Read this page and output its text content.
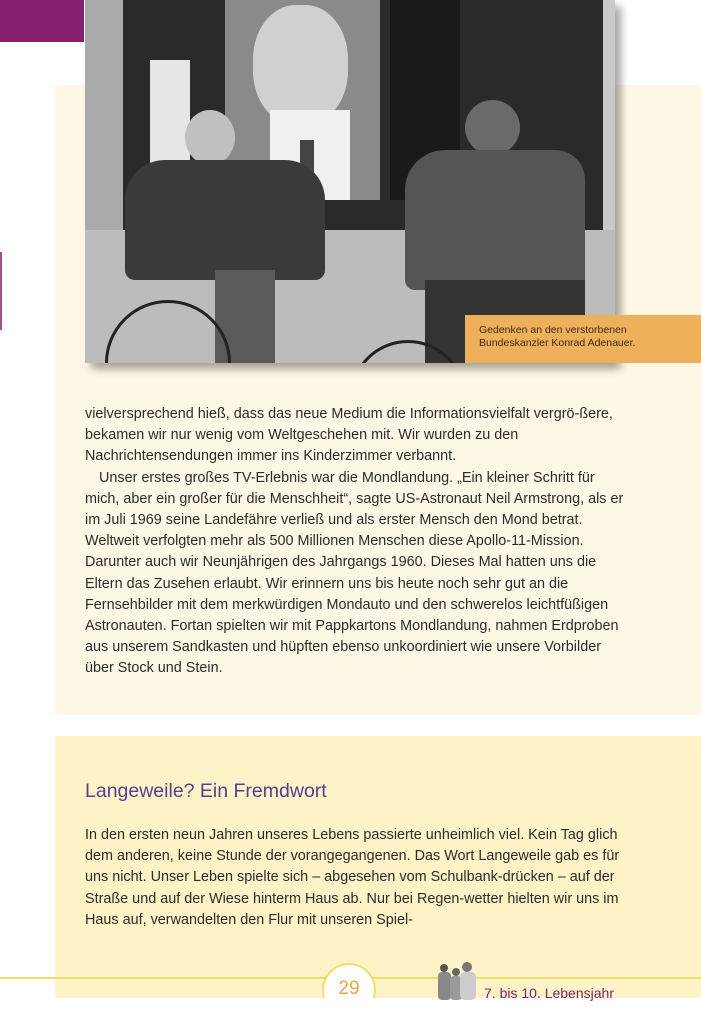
Gedenken an den verstorbenen
Bundeskanzler Konrad Adenauer.

vielversprechend hieß, dass das neue Medium die Informationsvielfalt vergrö-ßere, bekamen wir nur wenig vom Weltgeschehen mit. Wir wurden zu den Nachrichtensendungen immer ins Kinderzimmer verbannt.

Unser erstes großes TV-Erlebnis war die Mondlandung. „Ein kleiner Schritt für mich, aber ein großer für die Menschheit“, sagte US-Astronaut Neil Armstrong, als er im Juli 1969 seine Landefähre verließ und als erster Mensch den Mond betrat. Weltweit verfolgten mehr als 500 Millionen Menschen diese Apollo-11-Mission. Darunter auch wir Neunjährigen des Jahrgangs 1960. Dieses Mal hatten uns die Eltern das Zusehen erlaubt. Wir erinnern uns bis heute noch sehr gut an die Fernsehbilder mit dem merkwürdigen Mondauto und den schwerelos leichtfüßigen Astronauten. Fortan spielten wir mit Pappkartons Mondlandung, nahmen Erdproben aus unserem Sandkasten und hüpften ebenso unkoordiniert wie unsere Vorbilder über Stock und Stein.

Langeweile? Ein Fremdwort

In den ersten neun Jahren unseres Lebens passierte unheimlich viel. Kein Tag glich dem anderen, keine Stunde der vorangegangenen. Das Wort Langeweile gab es für uns nicht. Unser Leben spielte sich – abgesehen vom Schulbank-drücken – auf der Straße und auf der Wiese hinterm Haus ab. Nur bei Regen-wetter hielten wir uns im Haus auf, verwandelten den Flur mit unseren Spiel-

29	7. bis 10. Lebensjahr
